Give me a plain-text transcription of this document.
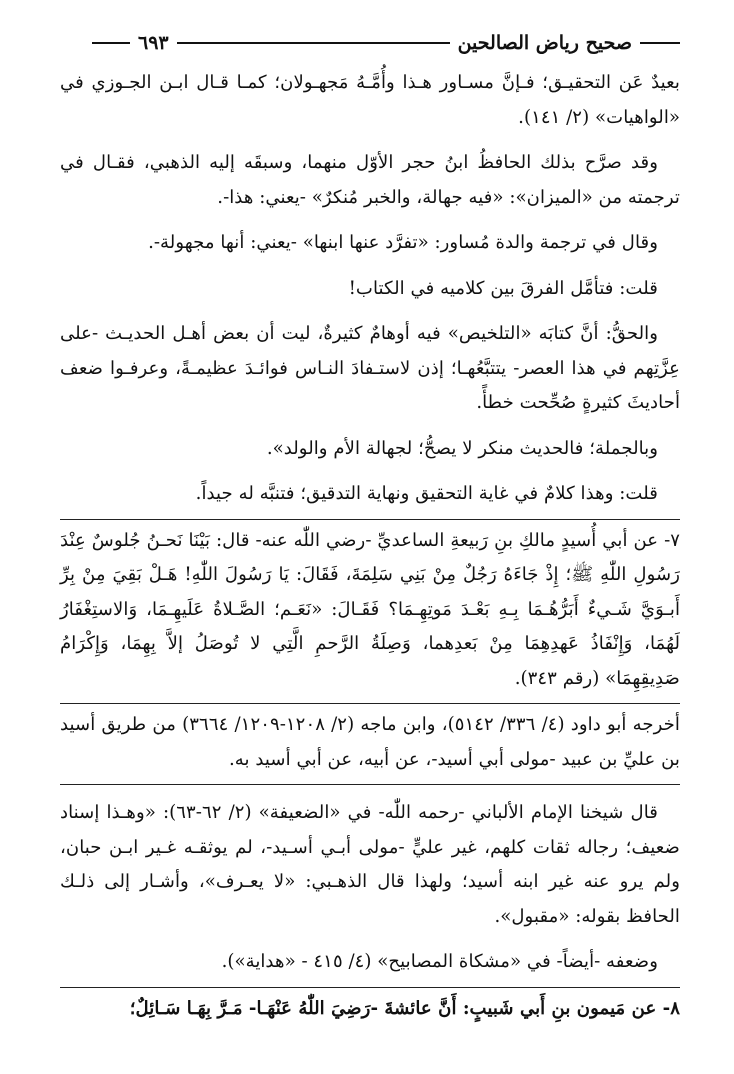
صحيح رياض الصالحين
٦٩٣

بعيدٌ عَن التحقيـق؛ فـإنَّ مسـاور هـذا وأُمَّـهُ مَجهـولان؛ كمـا قـال ابـن الجـوزي في «الواهيات» (٢/ ١٤١).

وقد صرَّح بذلك الحافظُ ابنُ حجر الأوّل منهما، وسبقَه إليه الذهبي، فقـال في ترجمته من «الميزان»: «فيه جهالة، والخبر مُنكرٌ» -يعني: هذا-.

وقال في ترجمة والدة مُساور: «تفرَّد عنها ابنها» -يعني: أنها مجهولة-.

قلت: فتأمَّل الفرقَ بين كلاميه في الكتاب!

والحقُّ: أنَّ كتابَه «التلخيص» فيه أوهامٌ كثيرةٌ، ليت أن بعض أهـل الحديـث -على عِزَّتِهم في هذا العصر- يتتبَّعُهـا؛ إذن لاستـفادَ النـاس فوائـدَ عظيمـةً، وعرفـوا ضعف أحاديثَ كثيرةٍ صُحِّحت خطأً.

وبالجملة؛ فالحديث منكر لا يصحُّ؛ لجهالة الأم والولد».

قلت: وهذا كلامٌ في غاية التحقيق ونهاية التدقيق؛ فتنبَّه له جيداً.

٧- عن أبي أُسيدٍ مالكِ بنِ رَبيعةِ الساعديِّ -رضي اللّٰه عنه- قال: بَيْنَا نَحـنُ جُلوسٌ عِنْدَ رَسُولِ اللّٰهِ ﷺ؛ إِذْ جَاءَهُ رَجُلٌ مِنْ بَنِي سَلِمَةَ، فَقَالَ: يَا رَسُولَ اللّٰهِ! هَـلْ بَقِيَ مِنْ بِرِّ أَبـوَيَّ شَـيءٌ أَبَرُّهُـمَا بِـهِ بَعْـدَ مَوتِهِـمَا؟ فَقَـالَ: «نَعَـم؛ الصَّـلاةُ عَلَيهِـمَا، وَالاستِغْفَارُ لَهُمَا، وَإِنْفَاذُ عَهدِهِمَا مِنْ بَعدِهما، وَصِلَةُ الرَّحمِ الَّتِي لا تُوصَلُ إلاَّ بِهِمَا، وَإِكْرَامُ صَدِيقِهِمَا» (رقم ٣٤٣).

أخرجه أبو داود (٤/ ٣٣٦/ ٥١٤٢)، وابن ماجه (٢/ ١٢٠٨-١٢٠٩/ ٣٦٦٤) من طريق أسيد بن عليِّ بن عبيد -مولى أبي أسيد-، عن أبيه، عن أبي أسيد به.

قال شيخنا الإمام الألباني -رحمه اللّٰه- في «الضعيفة» (٢/ ٦٢-٦٣): «وهـذا إسناد ضعيف؛ رجاله ثقات كلهم، غير عليٍّ -مولى أبـي أسـيد-، لم يوثقـه غـير ابـن حبان، ولم يرو عنه غير ابنه أسيد؛ ولهذا قال الذهـبي: «لا يعـرف»، وأشـار إلى ذلـك الحافظ بقوله: «مقبول».

وضعفه -أيضاً- في «مشكاة المصابيح» (٤/ ٤١٥ - «هداية»).

٨- عن مَيمون بنِ أَبي شَبيبٍ: أَنَّ عائشةَ -رَضِيَ اللّٰهُ عَنْهَـا- مَـرَّ بِهَـا سَـائِلٌ؛
